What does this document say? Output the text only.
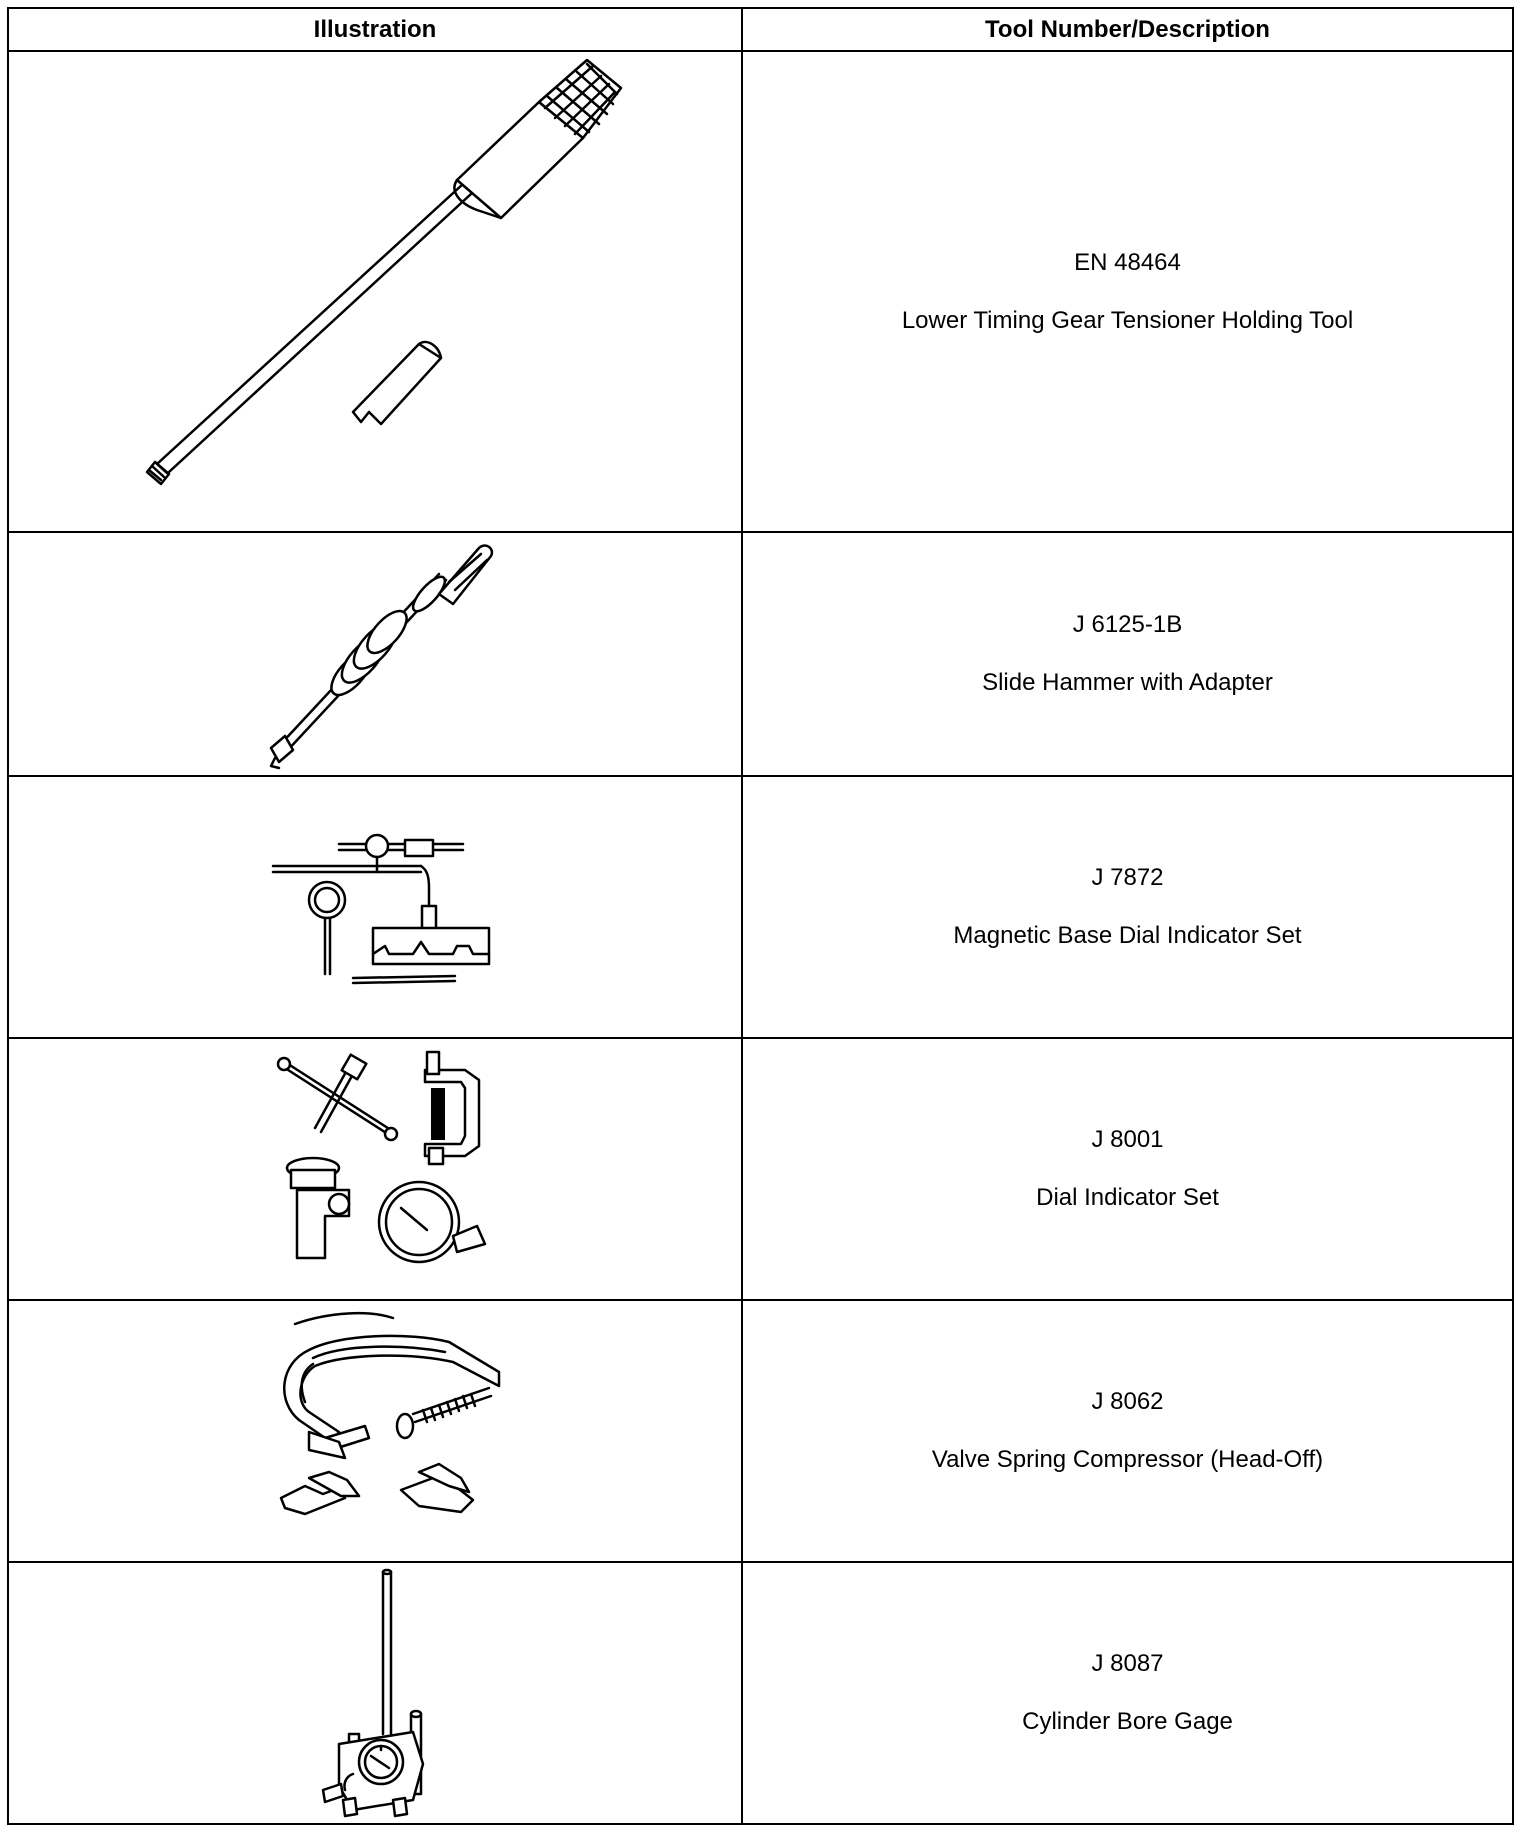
Illustration	Tool Number/Description

EN 48464
Lower Timing Gear Tensioner Holding Tool

J 6125-1B
Slide Hammer with Adapter

J 7872
Magnetic Base Dial Indicator Set

J 8001
Dial Indicator Set

J 8062
Valve Spring Compressor (Head-Off)

J 8087
Cylinder Bore Gage
